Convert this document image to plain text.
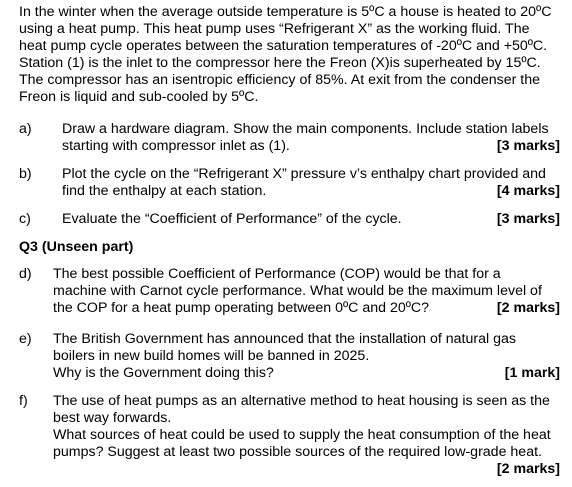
In the winter when the average outside temperature is 5ºC a house is heated to 20ºC
using a heat pump. This heat pump uses “Refrigerant X” as the working fluid. The
heat pump cycle operates between the saturation temperatures of -20ºC and +50ºC.
Station (1) is the inlet to the compressor here the Freon (X)is superheated by 15ºC.
The compressor has an isentropic efficiency of 85%. At exit from the condenser the
Freon is liquid and sub-cooled by 5ºC.
a) Draw a hardware diagram. Show the main components. Include station labels
starting with compressor inlet as (1).	[3 marks]
b) Plot the cycle on the “Refrigerant X” pressure v’s enthalpy chart provided and
find the enthalpy at each station.	[4 marks]
c) Evaluate the “Coefficient of Performance” of the cycle.	[3 marks]
Q3 (Unseen part)
d) The best possible Coefficient of Performance (COP) would be that for a
machine with Carnot cycle performance. What would be the maximum level of
the COP for a heat pump operating between 0ºC and 20ºC?	[2 marks]
e) The British Government has announced that the installation of natural gas
boilers in new build homes will be banned in 2025.
Why is the Government doing this?	[1 mark]
f) The use of heat pumps as an alternative method to heat housing is seen as the
best way forwards.
What sources of heat could be used to supply the heat consumption of the heat
pumps? Suggest at least two possible sources of the required low-grade heat.
[2 marks]
